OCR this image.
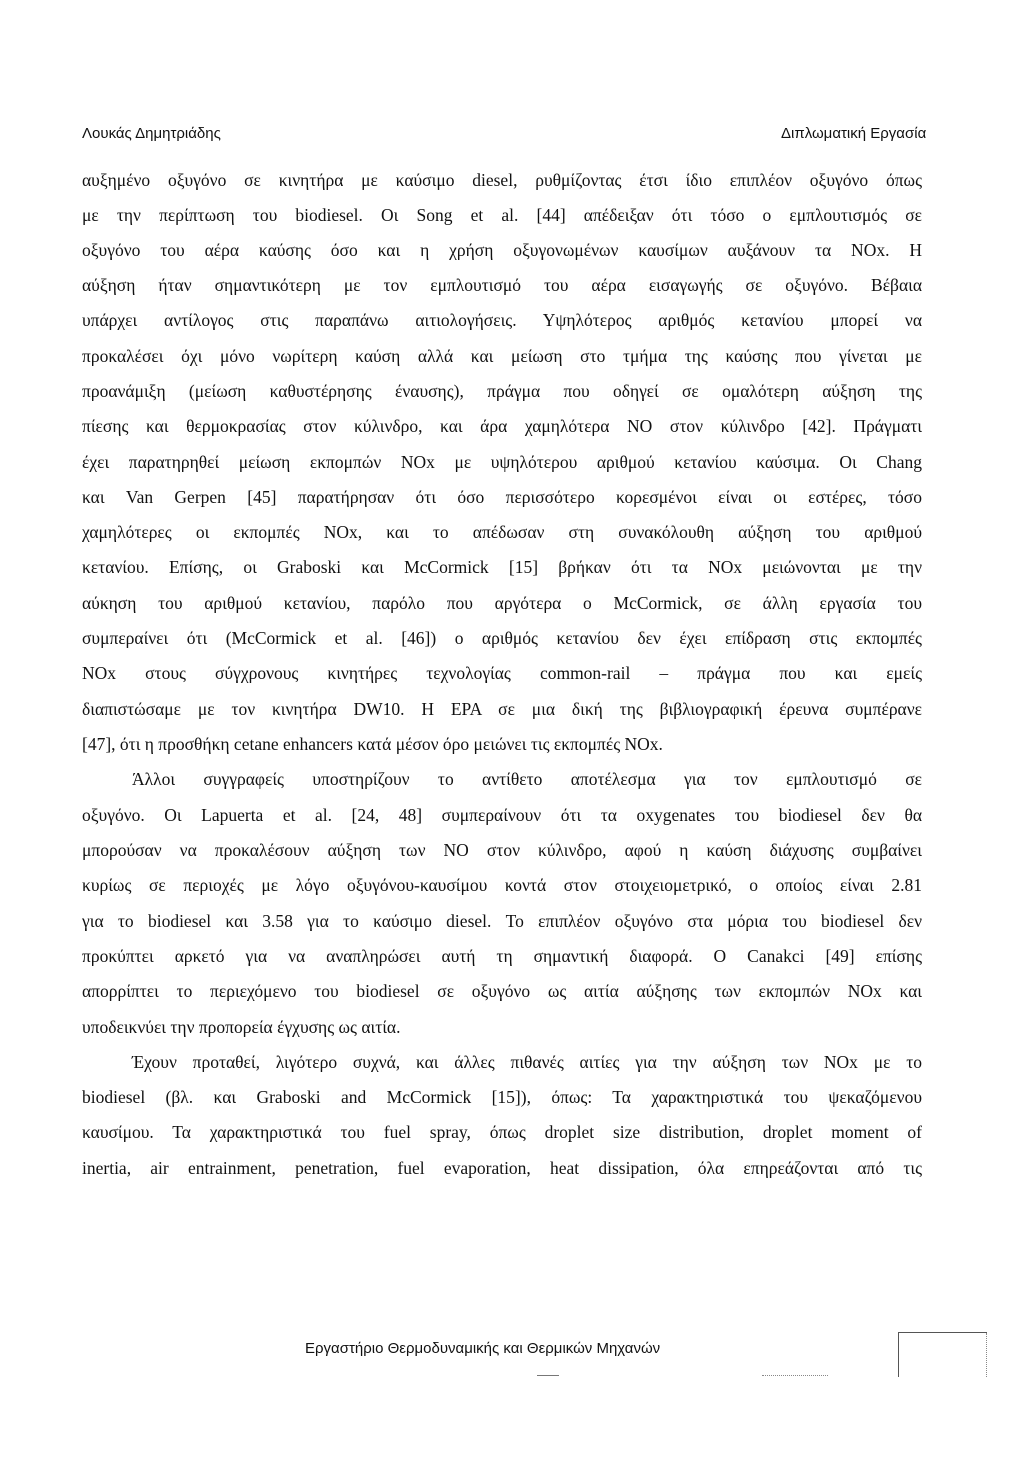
Λουκάς Δημητριάδης	Διπλωματική Εργασία
αυξημένο οξυγόνο σε κινητήρα με καύσιμο diesel, ρυθμίζοντας έτσι ίδιο επιπλέον οξυγόνο όπως
με την περίπτωση του biodiesel. Οι Song et al. [44] απέδειξαν ότι τόσο ο εμπλουτισμός σε
οξυγόνο του αέρα καύσης όσο και η χρήση οξυγονωμένων καυσίμων αυξάνουν τα NOx. Η
αύξηση ήταν σημαντικότερη με τον εμπλουτισμό του αέρα εισαγωγής σε οξυγόνο. Βέβαια
υπάρχει αντίλογος στις παραπάνω αιτιολογήσεις. Υψηλότερος αριθμός κετανίου μπορεί να
προκαλέσει όχι μόνο νωρίτερη καύση αλλά και μείωση στο τμήμα της καύσης που γίνεται με
προανάμιξη (μείωση καθυστέρησης έναυσης), πράγμα που οδηγεί σε ομαλότερη αύξηση της
πίεσης και θερμοκρασίας στον κύλινδρο, και άρα χαμηλότερα NO στον κύλινδρο [42]. Πράγματι
έχει παρατηρηθεί μείωση εκπομπών NOx με υψηλότερου αριθμού κετανίου καύσιμα. Οι Chang
και Van Gerpen [45] παρατήρησαν ότι όσο περισσότερο κορεσμένοι είναι οι εστέρες, τόσο
χαμηλότερες οι εκπομπές NOx, και το απέδωσαν στη συνακόλουθη αύξηση του αριθμού
κετανίου. Επίσης, οι Graboski και McCormick [15] βρήκαν ότι τα NOx μειώνονται με την
αύκηση του αριθμού κετανίου, παρόλο που αργότερα ο McCormick, σε άλλη εργασία του
συμπεραίνει ότι (McCormick et al. [46]) ο αριθμός κετανίου δεν έχει επίδραση στις εκπομπές
NOx στους σύγχρονους κινητήρες τεχνολογίας common-rail – πράγμα που και εμείς
διαπιστώσαμε με τον κινητήρα DW10. Η EPA σε μια δική της βιβλιογραφική έρευνα συμπέρανε
[47], ότι η προσθήκη cetane enhancers κατά μέσον όρο μειώνει τις εκπομπές NOx.
Άλλοι συγγραφείς υποστηρίζουν το αντίθετο αποτέλεσμα για τον εμπλουτισμό σε
οξυγόνο. Οι Lapuerta et al. [24, 48] συμπεραίνουν ότι τα oxygenates του biodiesel δεν θα
μπορούσαν να προκαλέσουν αύξηση των NO στον κύλινδρο, αφού η καύση διάχυσης συμβαίνει
κυρίως σε περιοχές με λόγο οξυγόνου-καυσίμου κοντά στον στοιχειομετρικό, ο οποίος είναι 2.81
για το biodiesel και 3.58 για το καύσιμο diesel. Το επιπλέον οξυγόνο στα μόρια του biodiesel δεν
προκύπτει αρκετό για να αναπληρώσει αυτή τη σημαντική διαφορά. Ο Canakci [49] επίσης
απορρίπτει το περιεχόμενο του biodiesel σε οξυγόνο ως αιτία αύξησης των εκπομπών NOx και
υποδεικνύει την προπορεία έγχυσης ως αιτία.
Έχουν προταθεί, λιγότερο συχνά, και άλλες πιθανές αιτίες για την αύξηση των NOx με το
biodiesel (βλ. και Graboski and McCormick [15]), όπως: Τα χαρακτηριστικά του ψεκαζόμενου
καυσίμου. Τα χαρακτηριστικά του fuel spray, όπως droplet size distribution, droplet moment of
inertia, air entrainment, penetration, fuel evaporation, heat dissipation, όλα επηρεάζονται από τις
Εργαστήριο Θερμοδυναμικής και Θερμικών Μηχανών
